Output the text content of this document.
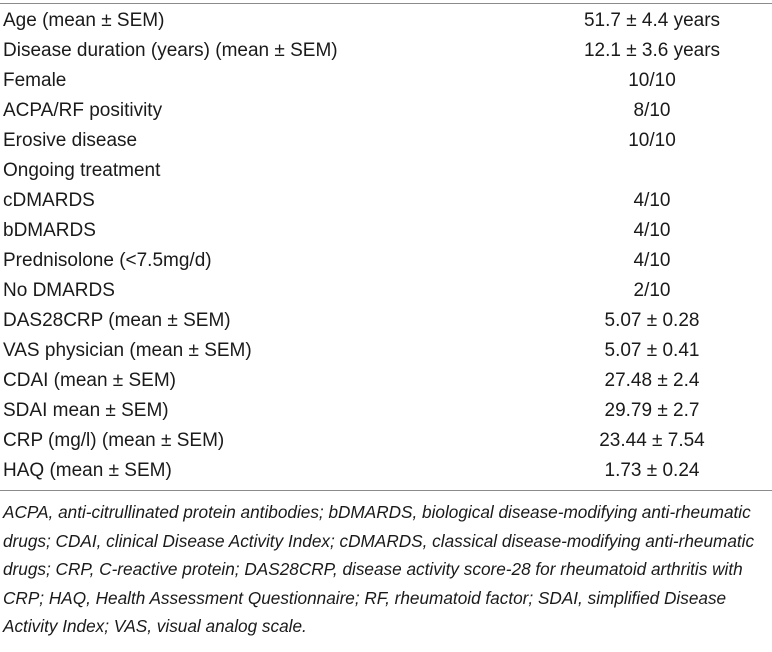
Age (mean ± SEM)	51.7 ± 4.4 years
Disease duration (years) (mean ± SEM)	12.1 ± 3.6 years
Female	10/10
ACPA/RF positivity	8/10
Erosive disease	10/10
Ongoing treatment	
cDMARDS	4/10
bDMARDS	4/10
Prednisolone (<7.5mg/d)	4/10
No DMARDS	2/10
DAS28CRP (mean ± SEM)	5.07 ± 0.28
VAS physician (mean ± SEM)	5.07 ± 0.41
CDAI (mean ± SEM)	27.48 ± 2.4
SDAI mean ± SEM)	29.79 ± 2.7
CRP (mg/l) (mean ± SEM)	23.44 ± 7.54
HAQ (mean ± SEM)	1.73 ± 0.24

ACPA, anti-citrullinated protein antibodies; bDMARDS, biological disease-modifying anti-rheumatic drugs; CDAI, clinical Disease Activity Index; cDMARDS, classical disease-modifying anti-rheumatic drugs; CRP, C-reactive protein; DAS28CRP, disease activity score-28 for rheumatoid arthritis with CRP; HAQ, Health Assessment Questionnaire; RF, rheumatoid factor; SDAI, simplified Disease Activity Index; VAS, visual analog scale.
